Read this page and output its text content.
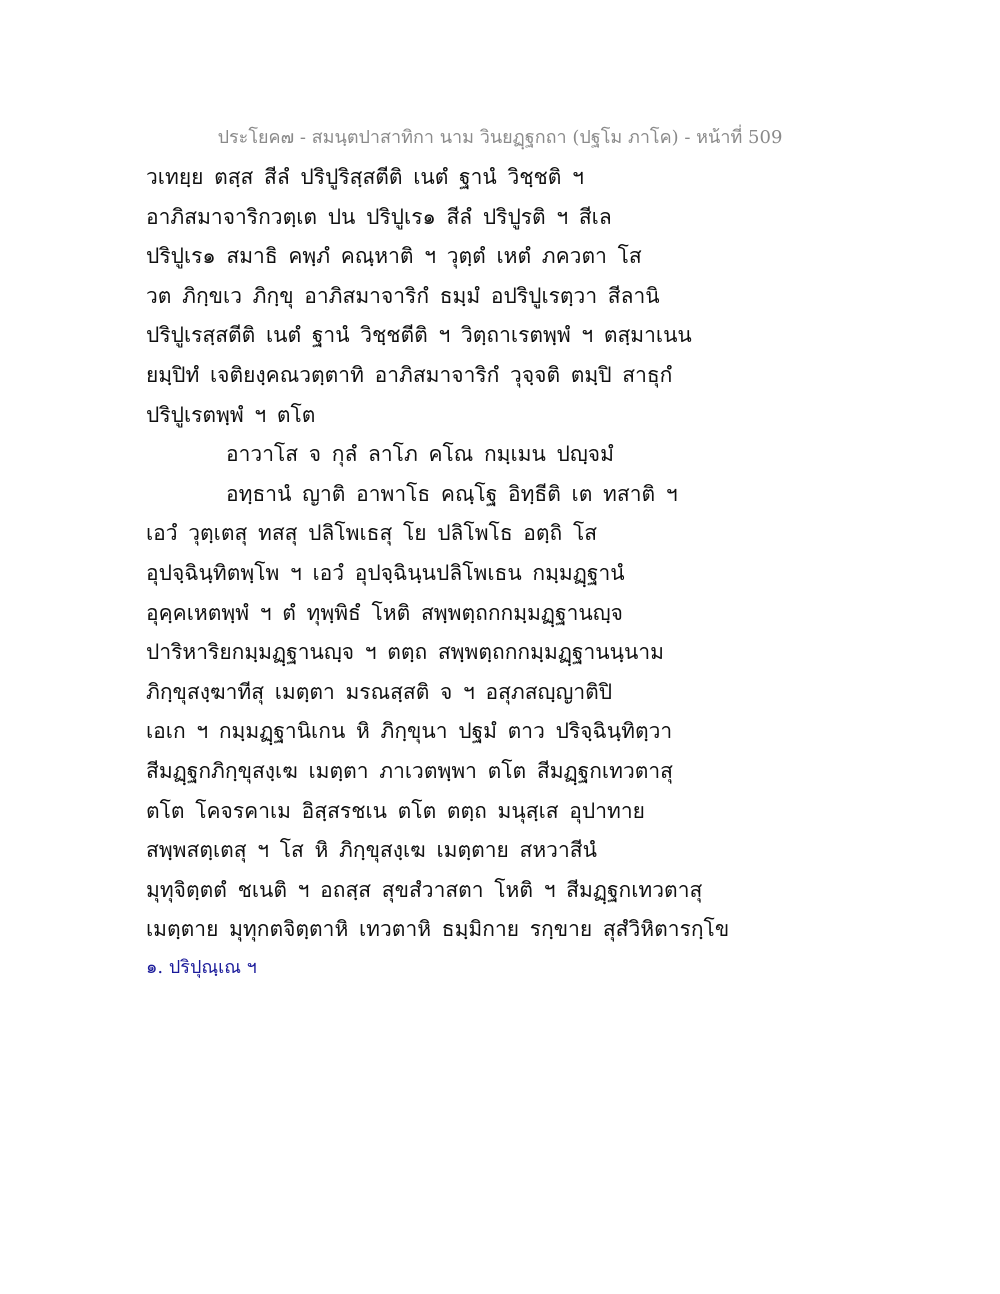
ประโยค๗ - สมนฺตปาสาทิกา นาม วินยฏฺฐกถา (ปฐโม ภาโค) - หน้าที่ 509
วเทยฺย ตสฺส สีลํ ปริปูริสฺสตีติ เนตํ ฐานํ วิชฺชติ ฯ
อาภิสมาจาริกวตฺเต ปน ปริปูเร๑ สีลํ ปริปูรติ ฯ สีเล
ปริปูเร๑ สมาธิ คพฺภํ คณฺหาติ ฯ วุตฺตํ เหตํ ภควตา โส
วต ภิกฺขเว ภิกฺขุ อาภิสมาจาริกํ ธมฺมํ อปริปูเรตฺวา สีลานิ
ปริปูเรสฺสตีติ เนตํ ฐานํ วิชฺชตีติ ฯ วิตฺถาเรตพฺพํ ฯ ตสฺมาเนน
ยมฺปิทํ เจติยงฺคณวตฺตาทิ อาภิสมาจาริกํ วุจฺจติ ตมฺปิ สาธุกํ
ปริปูเรตพฺพํ ฯ ตโต
อาวาโส จ กุลํ ลาโภ คโณ กมฺเมน ปญฺจมํ
อทฺธานํ ญาติ อาพาโธ คณฺโฐ อิทฺธีติ เต ทสาติ ฯ
เอวํ วุตฺเตสุ ทสสุ ปลิโพเธสุ โย ปลิโพโธ อตฺถิ โส
อุปจฺฉินฺทิตพฺโพ ฯ เอวํ อุปจฺฉินฺนปลิโพเธน กมฺมฏฺฐานํ
อุคฺคเหตพฺพํ ฯ ตํ ทุพฺพิธํ โหติ สพฺพตฺถกกมฺมฏฺฐานญฺจ
ปาริหาริยกมฺมฏฺฐานญฺจ ฯ ตตฺถ สพฺพตฺถกกมฺมฏฺฐานนฺนาม
ภิกฺขุสงฺฆาทีสุ เมตฺตา มรณสฺสติ จ ฯ อสุภสญฺญาติปิ
เอเก ฯ กมฺมฏฺฐานิเกน หิ ภิกฺขุนา ปฐมํ ตาว ปริจฺฉินฺทิตฺวา
สีมฏฺฐกภิกฺขุสงฺเฆ เมตฺตา ภาเวตพฺพา ตโต สีมฏฺฐกเทวตาสุ
ตโต โคจรคาเม อิสฺสรชเน ตโต ตตฺถ มนุสฺเส อุปาทาย
สพฺพสตฺเตสุ ฯ โส หิ ภิกฺขุสงฺเฆ เมตฺตาย สหวาสีนํ
มุทุจิตฺตตํ ชเนติ ฯ อถสฺส สุขสํวาสตา โหติ ฯ สีมฏฺฐกเทวตาสุ
เมตฺตาย มุทุกตจิตฺตาหิ เทวตาหิ ธมฺมิกาย รกฺขาย สุสํวิหิตารกฺโข
๑. ปริปุณฺเณ ฯ
